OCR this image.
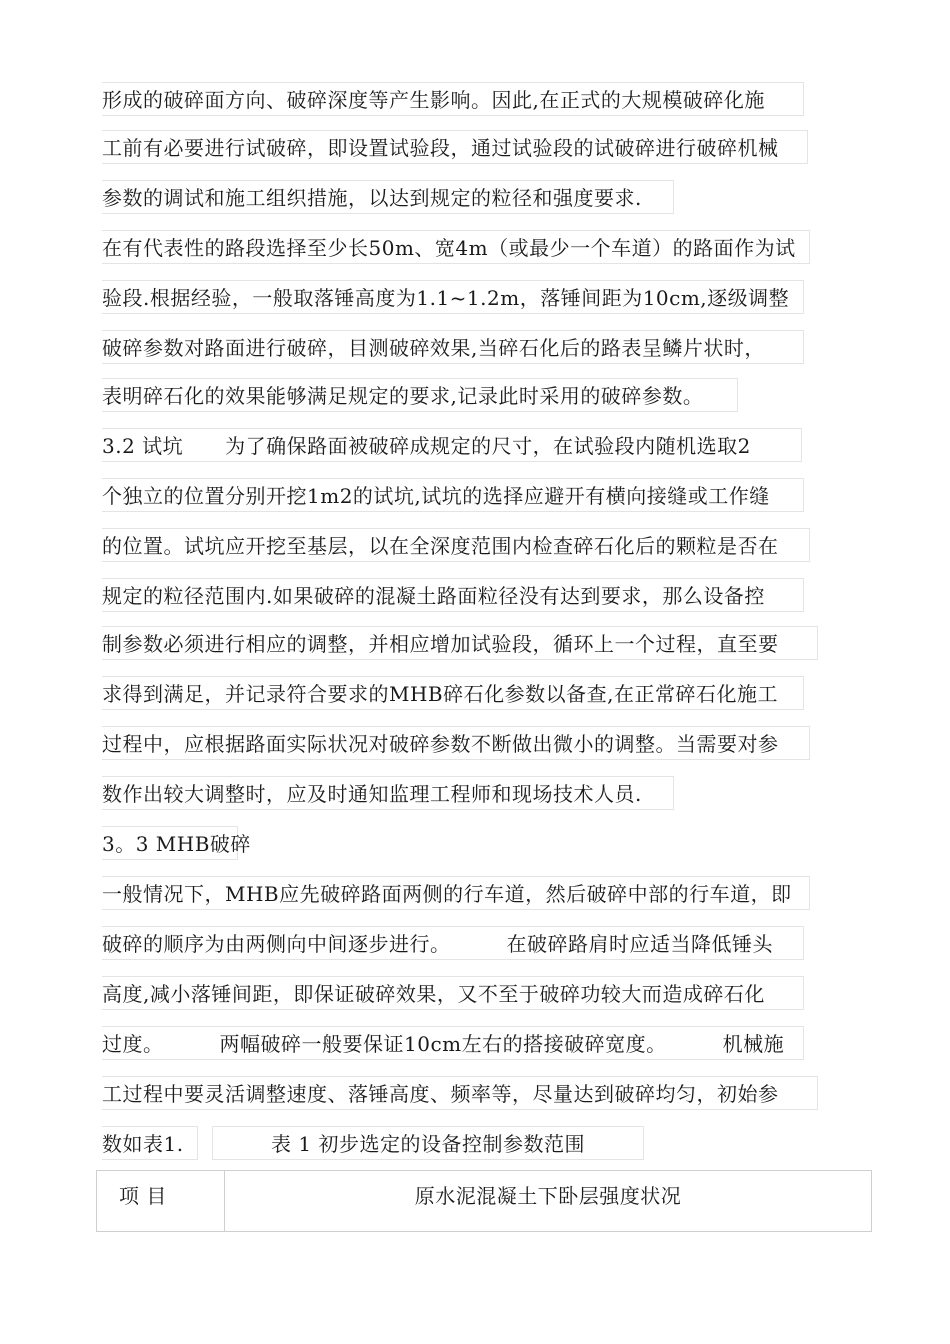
形成的破碎面方向、破碎深度等产生影响。因此,在正式的大规模破碎化施
工前有必要进行试破碎，即设置试验段，通过试验段的试破碎进行破碎机械
参数的调试和施工组织措施，以达到规定的粒径和强度要求.
在有代表性的路段选择至少长50m、宽4m（或最少一个车道）的路面作为试
验段.根据经验，一般取落锤高度为1.1~1.2m，落锤间距为10cm,逐级调整
破碎参数对路面进行破碎，目测破碎效果,当碎石化后的路表呈鳞片状时，
表明碎石化的效果能够满足规定的要求,记录此时采用的破碎参数。
3.2 试坑 为了确保路面被破碎成规定的尺寸，在试验段内随机选取2
个独立的位置分别开挖1m2的试坑,试坑的选择应避开有横向接缝或工作缝
的位置。试坑应开挖至基层，以在全深度范围内检查碎石化后的颗粒是否在
规定的粒径范围内.如果破碎的混凝土路面粒径没有达到要求，那么设备控
制参数必须进行相应的调整，并相应增加试验段，循环上一个过程，直至要
求得到满足，并记录符合要求的MHB碎石化参数以备查,在正常碎石化施工
过程中，应根据路面实际状况对破碎参数不断做出微小的调整。当需要对参
数作出较大调整时，应及时通知监理工程师和现场技术人员.
3。3 MHB破碎
一般情况下，MHB应先破碎路面两侧的行车道，然后破碎中部的行车道，即
破碎的顺序为由两侧向中间逐步进行。	在破碎路肩时应适当降低锤头
高度,减小落锤间距，即保证破碎效果，又不至于破碎功较大而造成碎石化
过度。	两幅破碎一般要保证10cm左右的搭接破碎宽度。	机械施
工过程中要灵活调整速度、落锤高度、频率等，尽量达到破碎均匀，初始参
数如表1.	表 1 初步选定的设备控制参数范围
项 目	原水泥混凝土下卧层强度状况
